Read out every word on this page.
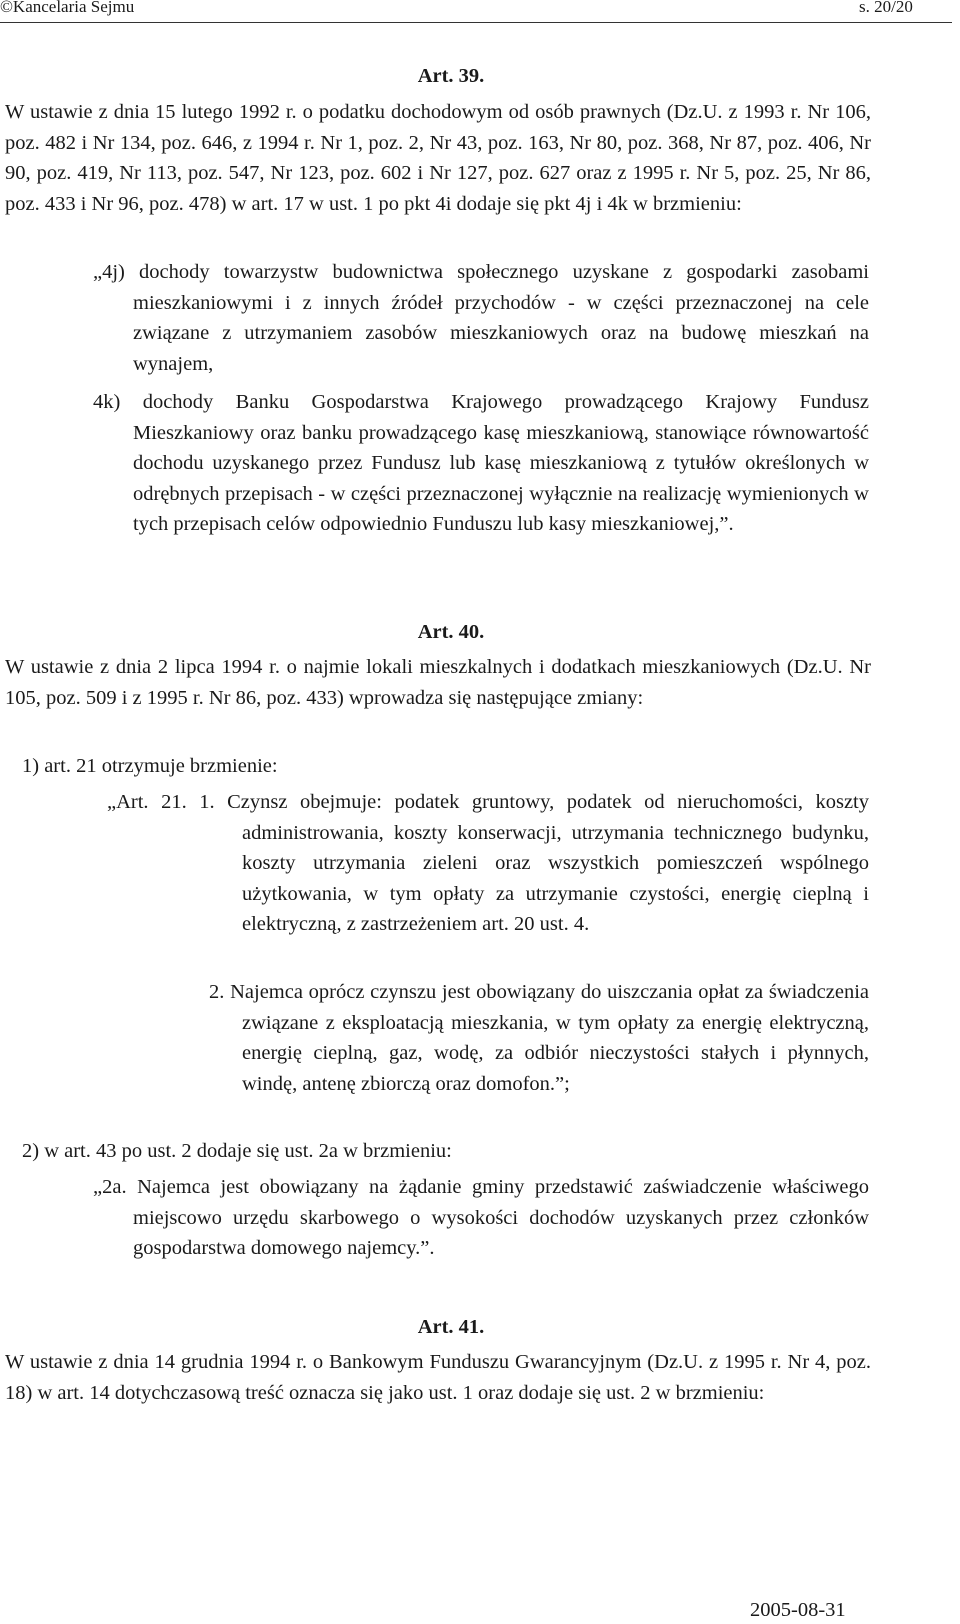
©Kancelaria Sejmu	s. 20/20
Art. 39.
W ustawie z dnia 15 lutego 1992 r. o podatku dochodowym od osób prawnych (Dz.U. z 1993 r. Nr 106, poz. 482 i Nr 134, poz. 646, z 1994 r. Nr 1, poz. 2, Nr 43, poz. 163, Nr 80, poz. 368, Nr 87, poz. 406, Nr 90, poz. 419, Nr 113, poz. 547, Nr 123, poz. 602 i Nr 127, poz. 627 oraz z 1995 r. Nr 5, poz. 25, Nr 86, poz. 433 i Nr 96, poz. 478) w art. 17 w ust. 1 po pkt 4i dodaje się pkt 4j i 4k w brzmieniu:
„4j) dochody towarzystw budownictwa społecznego uzyskane z gospodarki zasobami mieszkaniowymi i z innych źródeł przychodów - w części przeznaczonej na cele związane z utrzymaniem zasobów mieszkaniowych oraz na budowę mieszkań na wynajem,
4k) dochody Banku Gospodarstwa Krajowego prowadzącego Krajowy Fundusz Mieszkaniowy oraz banku prowadzącego kasę mieszkaniową, stanowiące równowartość dochodu uzyskanego przez Fundusz lub kasę mieszkaniową z tytułów określonych w odrębnych przepisach - w części przeznaczonej wyłącznie na realizację wymienionych w tych przepisach celów odpowiednio Funduszu lub kasy mieszkaniowej,”.
Art. 40.
W ustawie z dnia 2 lipca 1994 r. o najmie lokali mieszkalnych i dodatkach mieszkaniowych (Dz.U. Nr 105, poz. 509 i z 1995 r. Nr 86, poz. 433) wprowadza się następujące zmiany:
1) art. 21 otrzymuje brzmienie:
„Art. 21. 1. Czynsz obejmuje: podatek gruntowy, podatek od nieruchomości, koszty administrowania, koszty konserwacji, utrzymania technicznego budynku, koszty utrzymania zieleni oraz wszystkich pomieszczeń wspólnego użytkowania, w tym opłaty za utrzymanie czystości, energię cieplną i elektryczną, z zastrzeżeniem art. 20 ust. 4.
2. Najemca oprócz czynszu jest obowiązany do uiszczania opłat za świadczenia związane z eksploatacją mieszkania, w tym opłaty za energię elektryczną, energię cieplną, gaz, wodę, za odbiór nieczystości stałych i płynnych, windę, antenę zbiorczą oraz domofon.”;
2) w art. 43 po ust. 2 dodaje się ust. 2a w brzmieniu:
„2a. Najemca jest obowiązany na żądanie gminy przedstawić zaświadczenie właściwego miejscowo urzędu skarbowego o wysokości dochodów uzyskanych przez członków gospodarstwa domowego najemcy.”.
Art. 41.
W ustawie z dnia 14 grudnia 1994 r. o Bankowym Funduszu Gwarancyjnym (Dz.U. z 1995 r. Nr 4, poz. 18) w art. 14 dotychczasową treść oznacza się jako ust. 1 oraz dodaje się ust. 2 w brzmieniu:
2005-08-31
